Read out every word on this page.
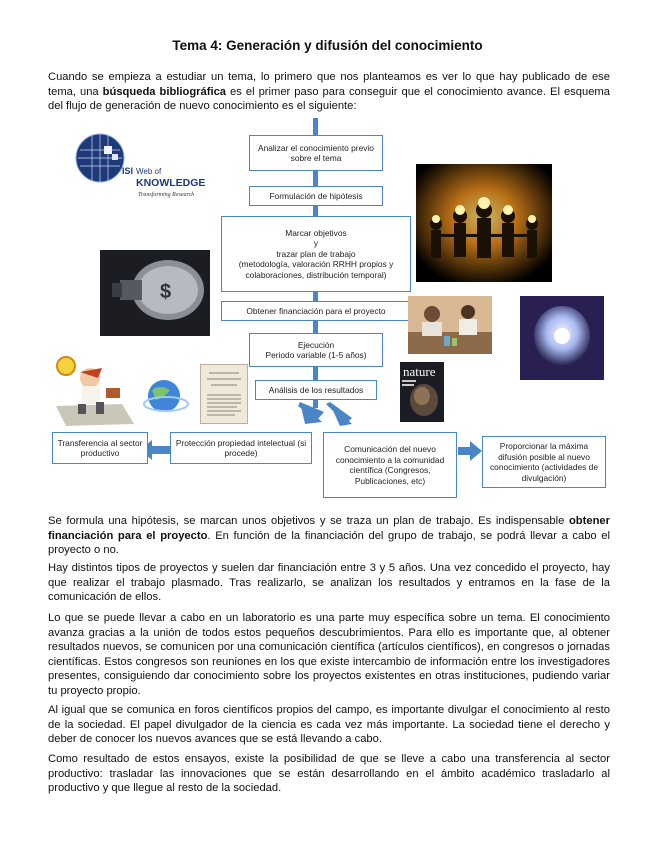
Tema 4: Generación y difusión del conocimiento

Cuando se empieza a estudiar un tema, lo primero que nos planteamos es ver lo que hay publicado de ese tema, una búsqueda bibliográfica es el primer paso para conseguir que el conocimiento avance. El esquema del flujo de generación de nuevo conocimiento es el siguiente:

Analizar el conocimiento previo sobre el tema
Formulación de hipótesis
Marcar objetivos
y
trazar plan de trabajo
(metodología, valoración RRHH propios y colaboraciones, distribución temporal)
Obtener financiación para el proyecto
Ejecución
Periodo variable (1-5 años)
Análisis de los resultados
Transferencia al sector productivo
Protección propiedad intelectual (si procede)	Comunicación del nuevo conocimiento a la comunidad científica (Congresos, Publicaciones, etc)
Proporcionar la máxima difusión posible al nuevo conocimiento (actividades de divulgación)
ISI Web of
KNOWLEDGE
Transforming Research
$
nature

Se formula una hipótesis, se marcan unos objetivos y se traza un plan de trabajo. Es indispensable obtener financiación para el proyecto. En función de la financiación del grupo de trabajo, se podrá llevar a cabo el proyecto o no.

Hay distintos tipos de proyectos y suelen dar financiación entre 3 y 5 años. Una vez concedido el proyecto, hay que realizar el trabajo plasmado. Tras realizarlo, se analizan los resultados y entramos en la fase de la comunicación de ellos.

Lo que se puede llevar a cabo en un laboratorio es una parte muy específica sobre un tema. El conocimiento avanza gracias a la unión de todos estos pequeños descubrimientos. Para ello es importante que, al obtener resultados nuevos, se comunicen por una comunicación científica (artículos científicos), en congresos o jornadas científicas. Estos congresos son reuniones en los que existe intercambio de información entre los investigadores presentes, consiguiendo dar conocimiento sobre los proyectos existentes en otras instituciones, pudiendo variar tu proyecto propio.

Al igual que se comunica en foros científicos propios del campo, es importante divulgar el conocimiento al resto de la sociedad. El papel divulgador de la ciencia es cada vez más importante. La sociedad tiene el derecho y deber de conocer los nuevos avances que se está llevando a cabo.

Como resultado de estos ensayos, existe la posibilidad de que se lleve a cabo una transferencia al sector productivo: trasladar las innovaciones que se están desarrollando en el ámbito académico trasladarlo al productivo y que llegue al resto de la sociedad.
